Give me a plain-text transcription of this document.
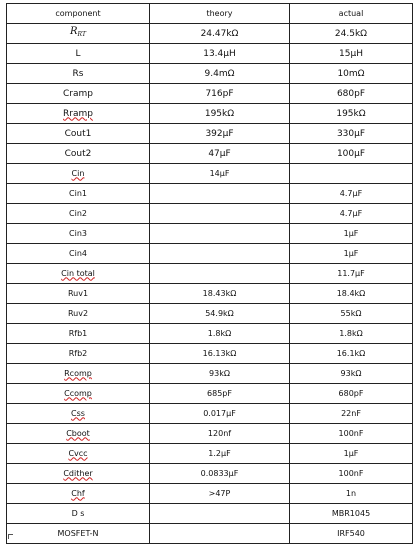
component	theory	actual
$R_{RT}$	24.47kΩ	24.5kΩ
L	13.4µH	15µH
Rs	9.4mΩ	10mΩ
Cramp	716pF	680pF
Rramp	195kΩ	195kΩ
Cout1	392µF	330µF
Cout2	47µF	100µF
Cin	14µF	
Cin1		4.7µF
Cin2		4.7µF
Cin3		1µF
Cin4		1µF
Cin total		11.7µF
Ruv1	18.43kΩ	18.4kΩ
Ruv2	54.9kΩ	55kΩ
Rfb1	1.8kΩ	1.8kΩ
Rfb2	16.13kΩ	16.1kΩ
Rcomp	93kΩ	93kΩ
Ccomp	685pF	680pF
Css	0.017µF	22nF
Cboot	120nf	100nF
Cvcc	1.2µF	1µF
Cdither	0.0833µF	100nF
Chf	>47P	1n
D s		MBR1045
MOSFET-N		IRF540
